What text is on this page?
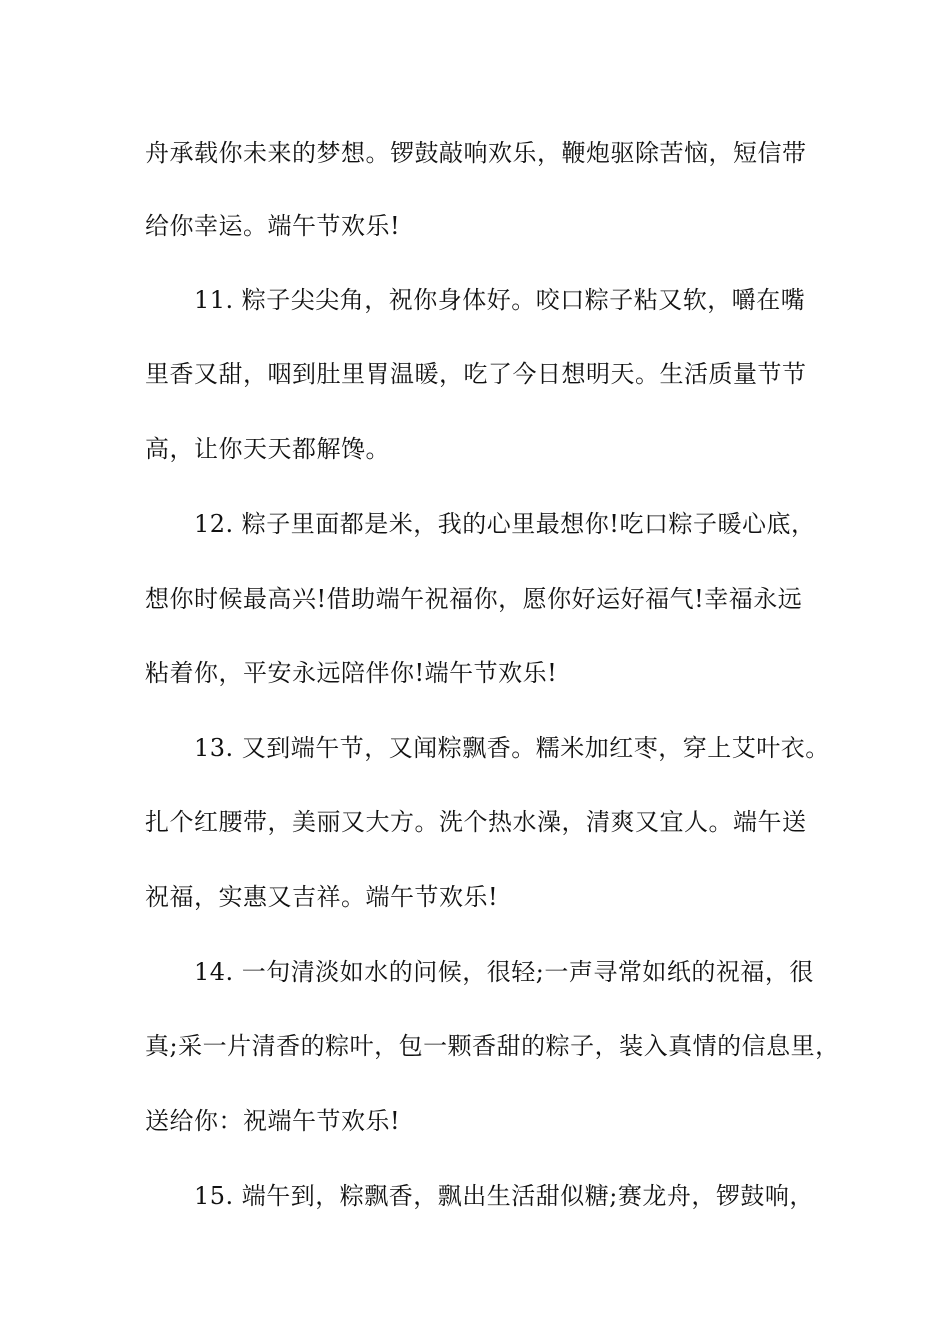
舟承载你未来的梦想。锣鼓敲响欢乐，鞭炮驱除苦恼，短信带
给你幸运。端午节欢乐!
　　11. 粽子尖尖角，祝你身体好。咬口粽子粘又软，嚼在嘴
里香又甜，咽到肚里胃温暖，吃了今日想明天。生活质量节节
高，让你天天都解馋。
　　12. 粽子里面都是米，我的心里最想你!吃口粽子暖心底，
想你时候最高兴!借助端午祝福你，愿你好运好福气!幸福永远
粘着你，平安永远陪伴你!端午节欢乐!
　　13. 又到端午节，又闻粽飘香。糯米加红枣，穿上艾叶衣。
扎个红腰带，美丽又大方。洗个热水澡，清爽又宜人。端午送
祝福，实惠又吉祥。端午节欢乐!
　　14. 一句清淡如水的问候，很轻;一声寻常如纸的祝福，很
真;采一片清香的粽叶，包一颗香甜的粽子，装入真情的信息里，
送给你：祝端午节欢乐!
　　15. 端午到，粽飘香，飘出生活甜似糖;赛龙舟，锣鼓响，
